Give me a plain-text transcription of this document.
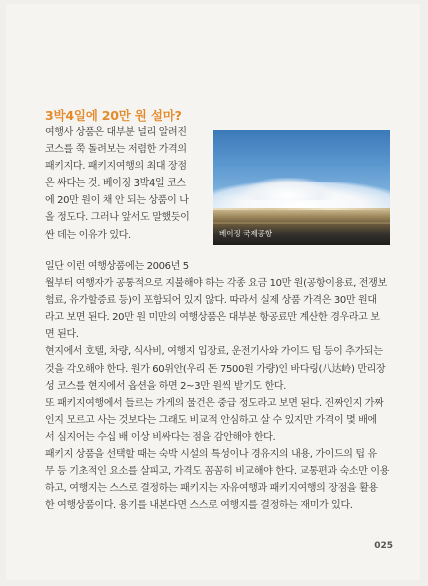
3박4일에 20만 원 설마?
여행사 상품은 대부분 널리 알려진
코스를 쭉 돌려보는 저렴한 가격의
패키지다. 패키지여행의 최대 장점
은 싸다는 것. 베이징 3박4일 코스
에 20만 원이 채 안 되는 상품이 나
올 정도다. 그러나 앞서도 말했듯이
싼 데는 이유가 있다.	베이징 국제공항
일단 이런 여행상품에는 2006년 5
월부터 여행자가 공통적으로 지불해야 하는 각종 요금 10만 원(공항이용료, 전쟁보
험료, 유가할증료 등)이 포함되어 있지 않다. 따라서 실제 상품 가격은 30만 원대
라고 보면 된다. 20만 원 미만의 여행상품은 대부분 항공료만 계산한 경우라고 보
면 된다.
현지에서 호텔, 차량, 식사비, 여행지 입장료, 운전기사와 가이드 팁 등이 추가되는
것을 각오해야 한다. 원가 60위안(우리 돈 7500원 가량)인 바다링(八达岭) 만리장
성 코스를 현지에서 옵션을 하면 2~3만 원씩 받기도 한다.
또 패키지여행에서 들르는 가게의 물건은 중급 정도라고 보면 된다. 진짜인지 가짜
인지 모르고 사는 것보다는 그래도 비교적 안심하고 살 수 있지만 가격이 몇 배에
서 심지어는 수십 배 이상 비싸다는 점을 감안해야 한다.
패키지 상품을 선택할 때는 숙박 시설의 특성이나 경유지의 내용, 가이드의 팁 유
무 등 기초적인 요소를 살피고, 가격도 꼼꼼히 비교해야 한다. 교통편과 숙소만 이용
하고, 여행지는 스스로 결정하는 패키지는 자유여행과 패키지여행의 장점을 활용
한 여행상품이다. 용기를 내본다면 스스로 여행지를 결정하는 재미가 있다.
025
